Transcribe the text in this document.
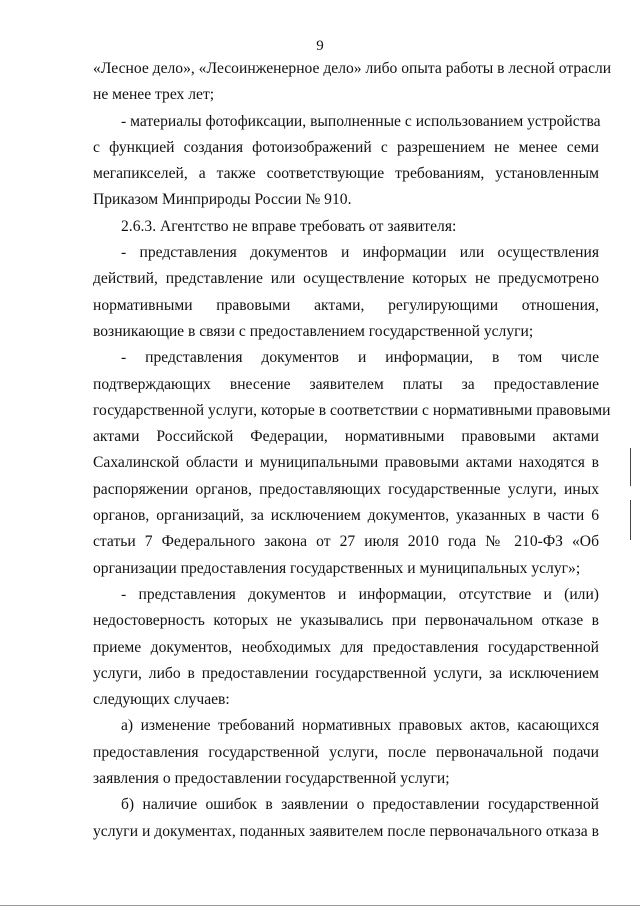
9
«Лесное дело», «Лесоинженерное дело» либо опыта работы в лесной отрасли
не менее трех лет;
- материалы фотофиксации, выполненные с использованием устройства
с функцией создания фотоизображений с разрешением не менее семи
мегапикселей, а также соответствующие требованиям, установленным
Приказом Минприроды России № 910.
2.6.3. Агентство не вправе требовать от заявителя:
- представления документов и информации или осуществления
действий, представление или осуществление которых не предусмотрено
нормативными правовыми актами, регулирующими отношения,
возникающие в связи с предоставлением государственной услуги;
- представления документов и информации, в том числе
подтверждающих внесение заявителем платы за предоставление
государственной услуги, которые в соответствии с нормативными правовыми
актами Российской Федерации, нормативными правовыми актами
Сахалинской области и муниципальными правовыми актами находятся в
распоряжении органов, предоставляющих государственные услуги, иных
органов, организаций, за исключением документов, указанных в части 6
статьи 7 Федерального закона от 27 июля 2010 года № 210-ФЗ «Об
организации предоставления государственных и муниципальных услуг»;
- представления документов и информации, отсутствие и (или)
недостоверность которых не указывались при первоначальном отказе в
приеме документов, необходимых для предоставления государственной
услуги, либо в предоставлении государственной услуги, за исключением
следующих случаев:
а) изменение требований нормативных правовых актов, касающихся
предоставления государственной услуги, после первоначальной подачи
заявления о предоставлении государственной услуги;
б) наличие ошибок в заявлении о предоставлении государственной
услуги и документах, поданных заявителем после первоначального отказа в
